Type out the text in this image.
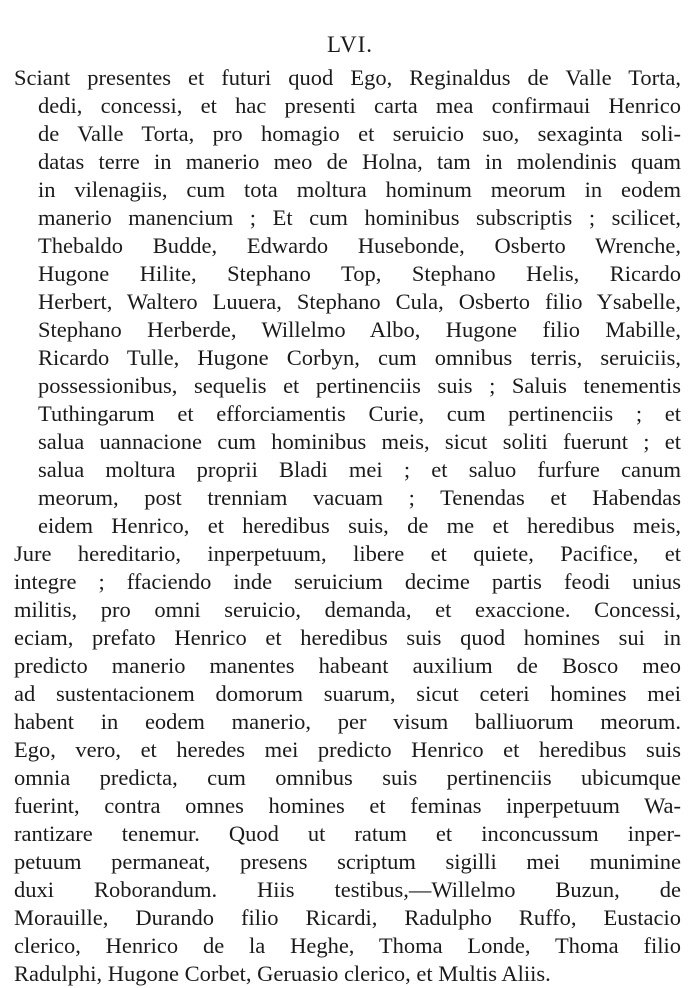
LVI.
Sciant presentes et futuri quod Ego, Reginaldus de Valle Torta,
dedi, concessi, et hac presenti carta mea confirmaui Henrico
de Valle Torta, pro homagio et seruicio suo, sexaginta soli-
datas terre in manerio meo de Holna, tam in molendinis quam
in vilenagiis, cum tota moltura hominum meorum in eodem
manerio manencium ; Et cum hominibus subscriptis ; scilicet,
Thebaldo Budde, Edwardo Husebonde, Osberto Wrenche,
Hugone Hilite, Stephano Top, Stephano Helis, Ricardo
Herbert, Waltero Luuera, Stephano Cula, Osberto filio Ysabelle,
Stephano Herberde, Willelmo Albo, Hugone filio Mabille,
Ricardo Tulle, Hugone Corbyn, cum omnibus terris, seruiciis,
possessionibus, sequelis et pertinenciis suis ; Saluis tenementis
Tuthingarum et efforciamentis Curie, cum pertinenciis ; et
salua uannacione cum hominibus meis, sicut soliti fuerunt ; et
salua moltura proprii Bladi mei ; et saluo furfure canum
meorum, post trenniam vacuam ; Tenendas et Habendas
eidem Henrico, et heredibus suis, de me et heredibus meis,
Jure hereditario, inperpetuum, libere et quiete, Pacifice, et
integre ; ffaciendo inde seruicium decime partis feodi unius
militis, pro omni seruicio, demanda, et exaccione. Concessi,
eciam, prefato Henrico et heredibus suis quod homines sui in
predicto manerio manentes habeant auxilium de Bosco meo
ad sustentacionem domorum suarum, sicut ceteri homines mei
habent in eodem manerio, per visum balliuorum meorum.
Ego, vero, et heredes mei predicto Henrico et heredibus suis
omnia predicta, cum omnibus suis pertinenciis ubicumque
fuerint, contra omnes homines et feminas inperpetuum Wa-
rantizare tenemur. Quod ut ratum et inconcussum inper-
petuum permaneat, presens scriptum sigilli mei munimine
duxi Roborandum. Hiis testibus,—Willelmo Buzun, de
Morauille, Durando filio Ricardi, Radulpho Ruffo, Eustacio
clerico, Henrico de la Heghe, Thoma Londe, Thoma filio
Radulphi, Hugone Corbet, Geruasio clerico, et Multis Aliis.
